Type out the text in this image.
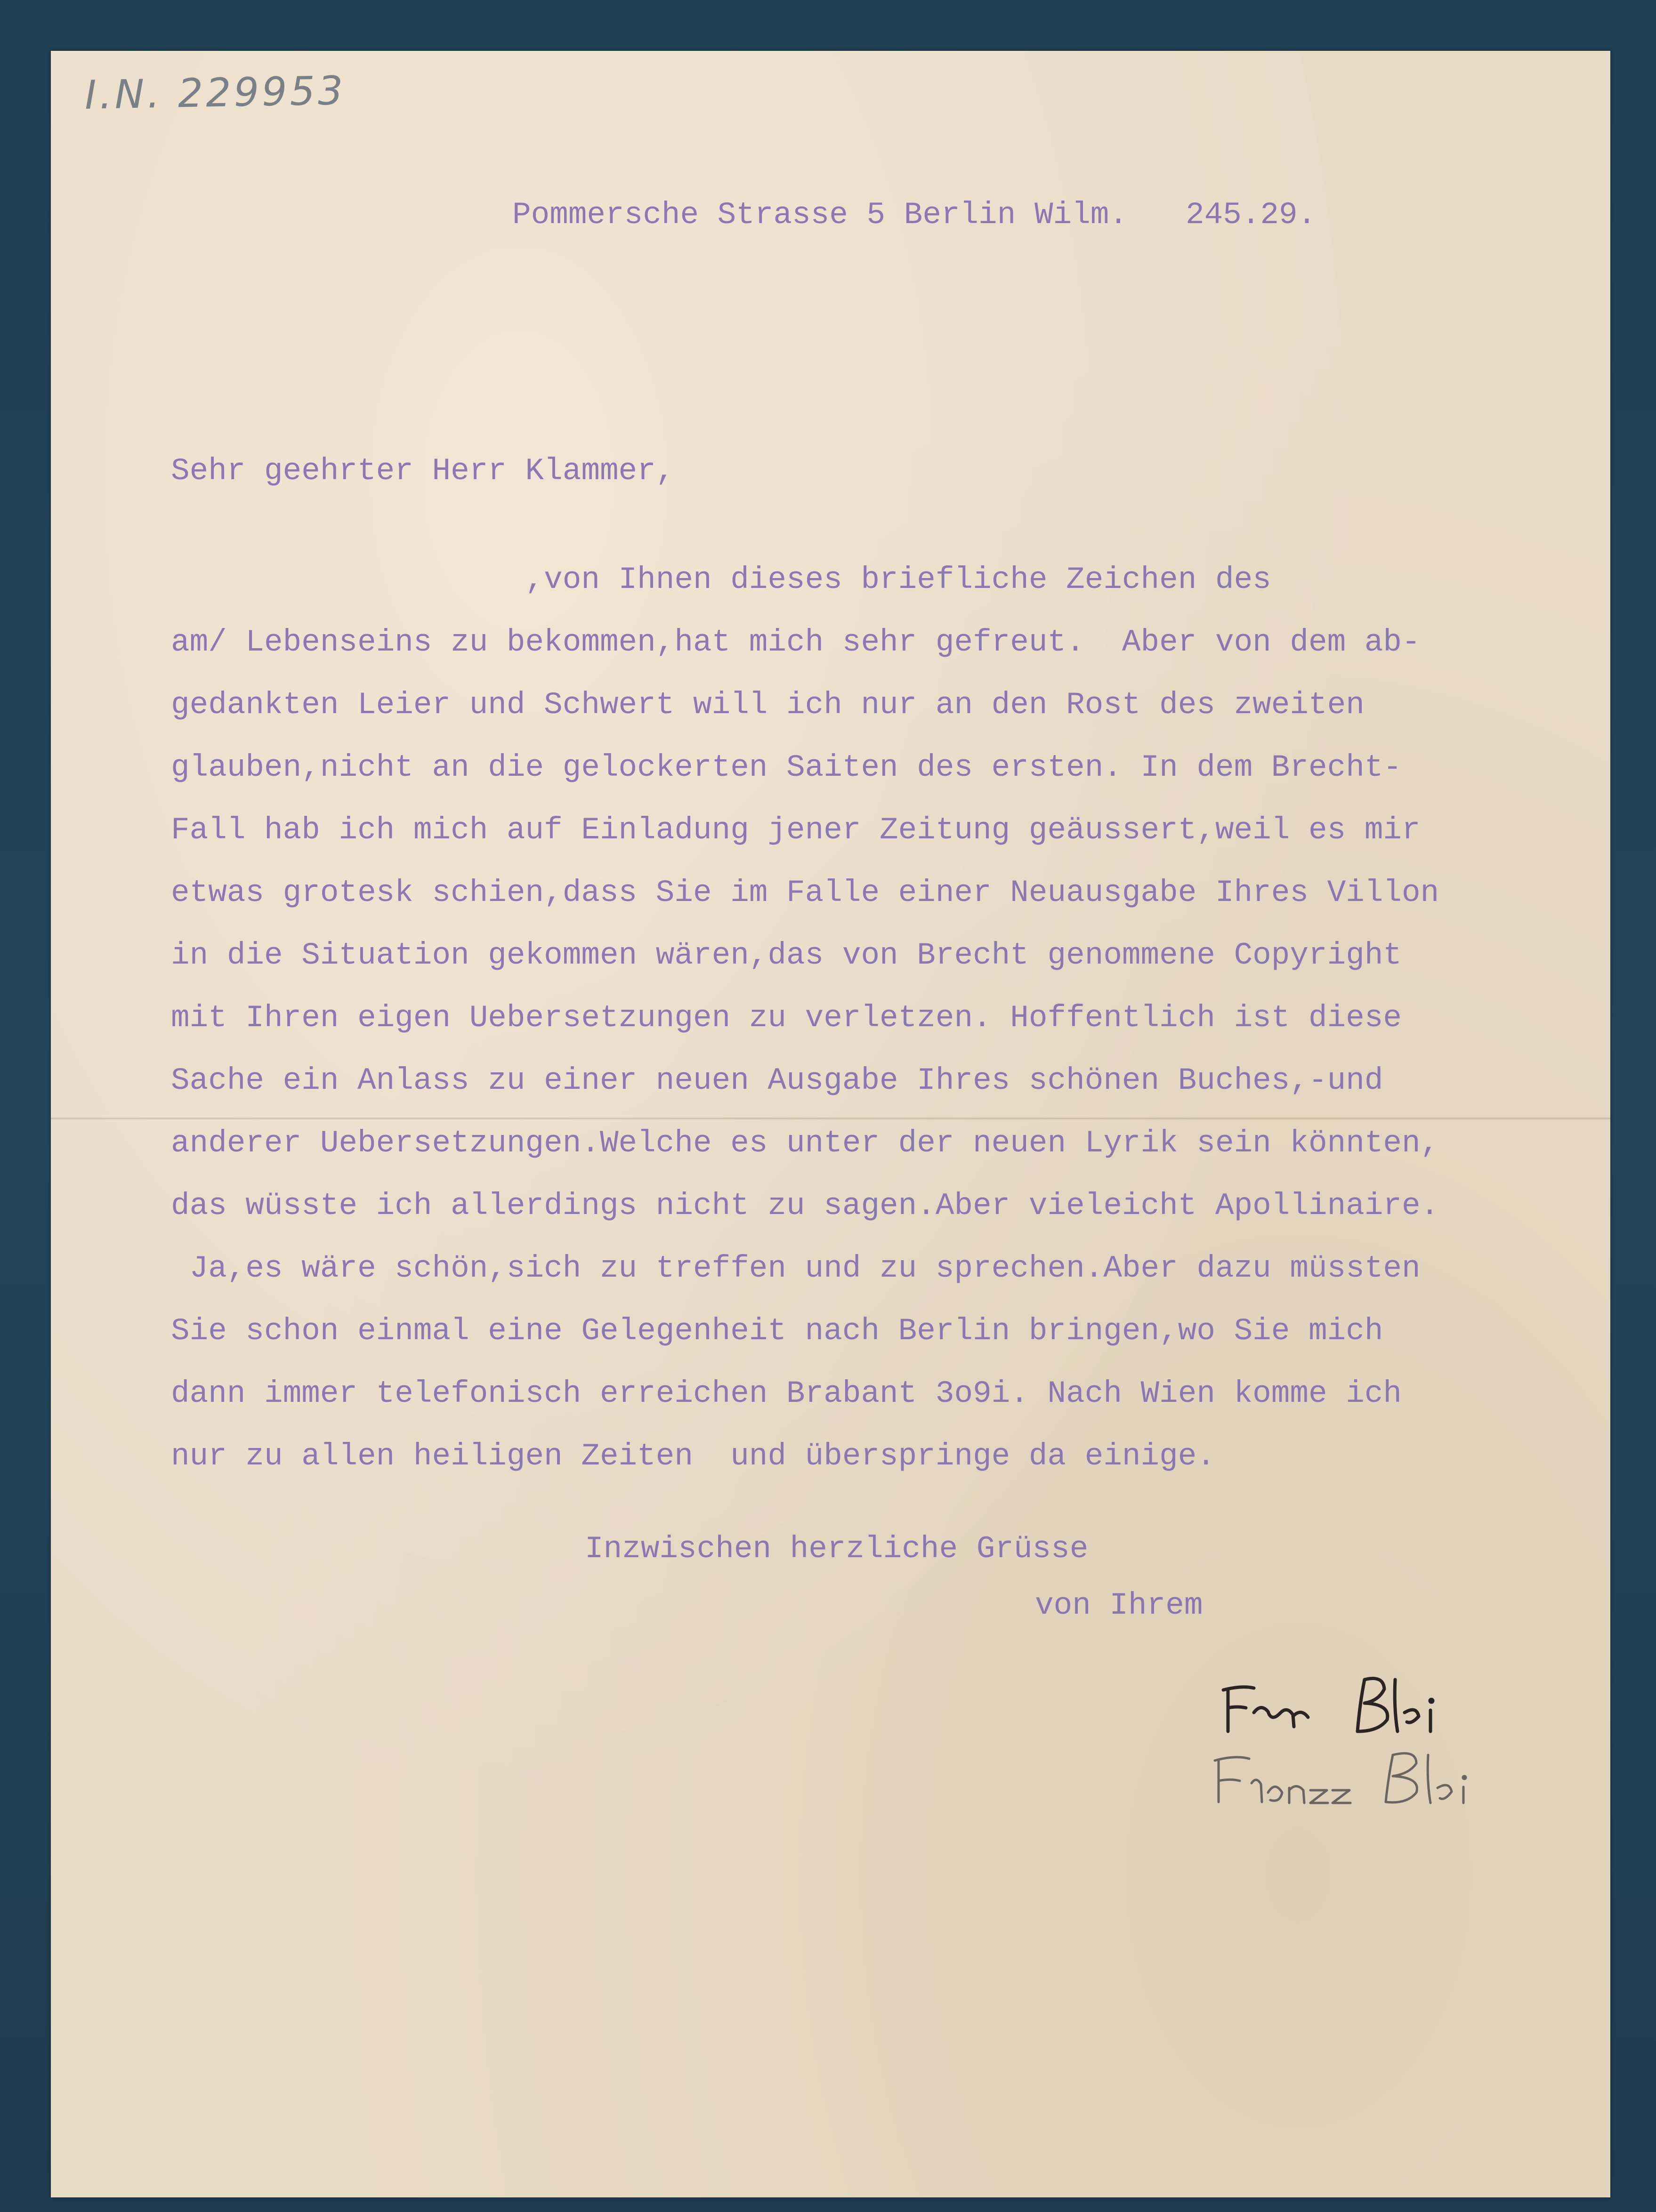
I.N. 229953
Pommersche Strasse 5 Berlin Wilm. 245.29.
Sehr geehrter Herr Klammer,
,von Ihnen dieses briefliche Zeichen des
am/ Lebenseins zu bekommen,hat mich sehr gefreut.  Aber von dem ab-
gedankten Leier und Schwert will ich nur an den Rost des zweiten
glauben,nicht an die gelockerten Saiten des ersten. In dem Brecht-
Fall hab ich mich auf Einladung jener Zeitung geäussert,weil es mir
etwas grotesk schien,dass Sie im Falle einer Neuausgabe Ihres Villon
in die Situation gekommen wären,das von Brecht genommene Copyright
mit Ihren eigen Uebersetzungen zu verletzen. Hoffentlich ist diese
Sache ein Anlass zu einer neuen Ausgabe Ihres schönen Buches,-und
anderer Uebersetzungen.Welche es unter der neuen Lyrik sein könnten,
das wüsste ich allerdings nicht zu sagen.Aber vieleicht Apollinaire.
Ja,es wäre schön,sich zu treffen und zu sprechen.Aber dazu müssten
Sie schon einmal eine Gelegenheit nach Berlin bringen,wo Sie mich
dann immer telefonisch erreichen Brabant 3o9i. Nach Wien komme ich
nur zu allen heiligen Zeiten  und überspringe da einige.
Inzwischen herzliche Grüsse
von Ihrem
